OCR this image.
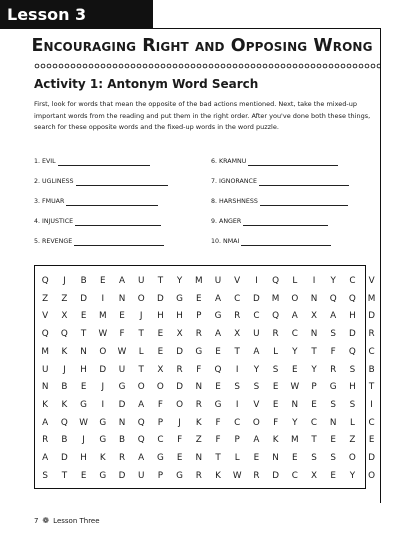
Lesson 3
Encouraging Right and Opposing Wrong
Activity 1: Antonym Word Search
First, look for words that mean the opposite of the bad actions mentioned. Next, take the mixed-up important words from the reading and put them in the right order. After you've done both these things, search for these opposite words and the fixed-up words in the word puzzle.
1. EVIL	6. KRAMNU
2. UGLINESS	7. IGNORANCE
3. FMUAR	8. HARSHNESS
4. INJUSTICE	9. ANGER
5. REVENGE	10. NMAI
Q	J	B	E	A	U	T	Y	M	U	V	I	Q	L	I	Y	C	V
Z	Z	D	I	N	O	D	G	E	A	C	D	M	O	N	Q	Q	M
V	X	E	M	E	J	H	H	P	G	R	C	Q	A	X	A	H	D
Q	Q	T	W	F	T	E	X	R	A	X	U	R	C	N	S	D	R
M	K	N	O	W	L	E	D	G	E	T	A	L	Y	T	F	Q	C
U	J	H	D	U	T	X	R	F	Q	I	Y	S	E	Y	R	S	B
N	B	E	J	G	O	O	D	N	E	S	S	E	W	P	G	H	T
K	K	G	I	D	A	F	O	R	G	I	V	E	N	E	S	S	I
A	Q	W	G	N	Q	P	J	K	F	C	O	F	Y	C	N	L	C
R	B	J	G	B	Q	C	F	Z	F	P	A	K	M	T	E	Z	E
A	D	H	K	R	A	G	E	N	T	L	E	N	E	S	S	O	D
S	T	E	G	D	U	P	G	R	K	W	R	D	C	X	E	Y	O
7 ❁ Lesson Three
